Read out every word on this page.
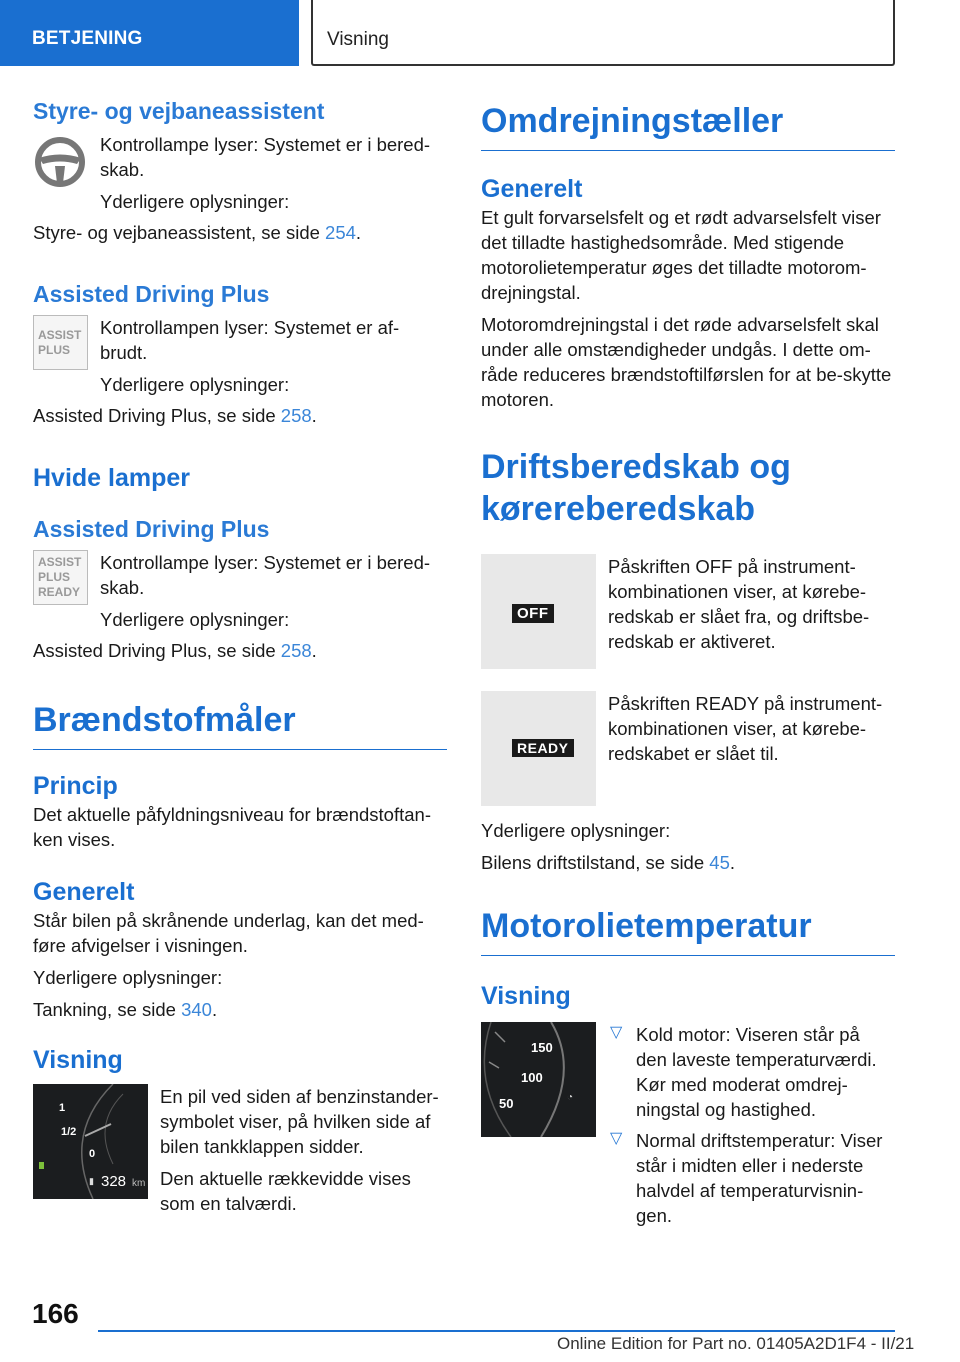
BETJENING	Visning
Styre- og vejbaneassistent

Kontrollampe lyser: Systemet er i bered-

skab.

Yderligere oplysninger:

Styre- og vejbaneassistent, se side 254.

Assisted Driving Plus
ASSIST
PLUS

Kontrollampen lyser: Systemet er af-

brudt.

Yderligere oplysninger:

Assisted Driving Plus, se side 258.

Hvide lamper
Assisted Driving Plus
ASSIST
PLUS
READY

Kontrollampe lyser: Systemet er i bered-

skab.

Yderligere oplysninger:

Assisted Driving Plus, se side 258.

Brændstofmåler
Princip

Det aktuelle påfyldningsniveau for brændstoftan-ken vises.

Generelt

Står bilen på skrånende underlag, kan det med-føre afvigelser i visningen.

Yderligere oplysninger:

Tankning, se side 340.

Visning
1
1/2
0
▮ 328 km

En pil ved siden af benzinstander-symbolet viser, på hvilken side af bilen tankklappen sidder.

Den aktuelle rækkevidde vises som en talværdi.

Omdrejningstæller
Generelt

Et gult forvarselsfelt og et rødt advarselsfelt viser det tilladte hastighedsområde. Med stigende motorolietemperatur øges det tilladte motorom-drejningstal.

Motoromdrejningstal i det røde advarselsfelt skal under alle omstændigheder undgås. I dette om-råde reduceres brændstoftilførslen for at be-skytte motoren.

Driftsberedskab og
kørereberedskab
OFF

Påskriften OFF på instrument-kombinationen viser, at kørebe-redskab er slået fra, og driftsbe-redskab er aktiveret.

READY

Påskriften READY på instrument-kombinationen viser, at kørebe-redskabet er slået til.

Yderligere oplysninger:

Bilens driftstilstand, se side 45.

Motorolietemperatur
Visning
150
100
50	◔
▽ Kold motor: Viseren står på den laveste temperaturværdi. Kør med moderat omdrej-ningstal og hastighed.

▽ Normal driftstemperatur: Viser står i midten eller i nederste halvdel af temperaturvisnin-gen.

166
Online Edition for Part no. 01405A2D1F4 - II/21
